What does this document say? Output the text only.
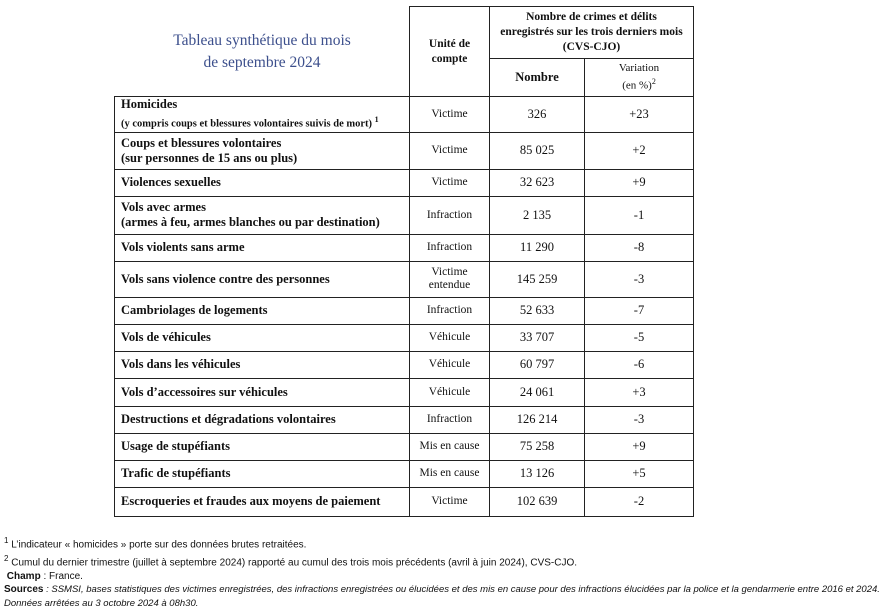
Tableau synthétique du mois
de septembre 2024
	Unité de compte	Nombre de crimes et délits enregistrés sur les trois derniers mois (CVS-CJO)	
		Nombre	Variation
(en %)$^2$
Homicides
(y compris coups et blessures volontaires suivis de mort) $^1$	Victime	326	+23
Coups et blessures volontaires
(sur personnes de 15 ans ou plus)	Victime	85 025	+2
Violences sexuelles	Victime	32 623	+9
Vols avec armes
(armes à feu, armes blanches ou par destination)	Infraction	2 135	-1
Vols violents sans arme	Infraction	11 290	-8
Vols sans violence contre des personnes	Victime entendue	145 259	-3
Cambriolages de logements	Infraction	52 633	-7
Vols de véhicules	Véhicule	33 707	-5
Vols dans les véhicules	Véhicule	60 797	-6
Vols d’accessoires sur véhicules	Véhicule	24 061	+3
Destructions et dégradations volontaires	Infraction	126 214	-3
Usage de stupéfiants	Mis en cause	75 258	+9
Trafic de stupéfiants	Mis en cause	13 126	+5
Escroqueries et fraudes aux moyens de paiement	Victime	102 639	-2

$^1$ L’indicateur « homicides » porte sur des données brutes retraitées.

$^2$ Cumul du dernier trimestre (juillet à septembre 2024) rapporté au cumul des trois mois précédents (avril à juin 2024), CVS-CJO.

Champ : France.

Sources : SSMSI, bases statistiques des victimes enregistrées, des infractions enregistrées ou élucidées et des mis en cause pour des infractions élucidées par la police et la gendarmerie entre 2016 et 2024.

Données arrêtées au 3 octobre 2024 à 08h30.
